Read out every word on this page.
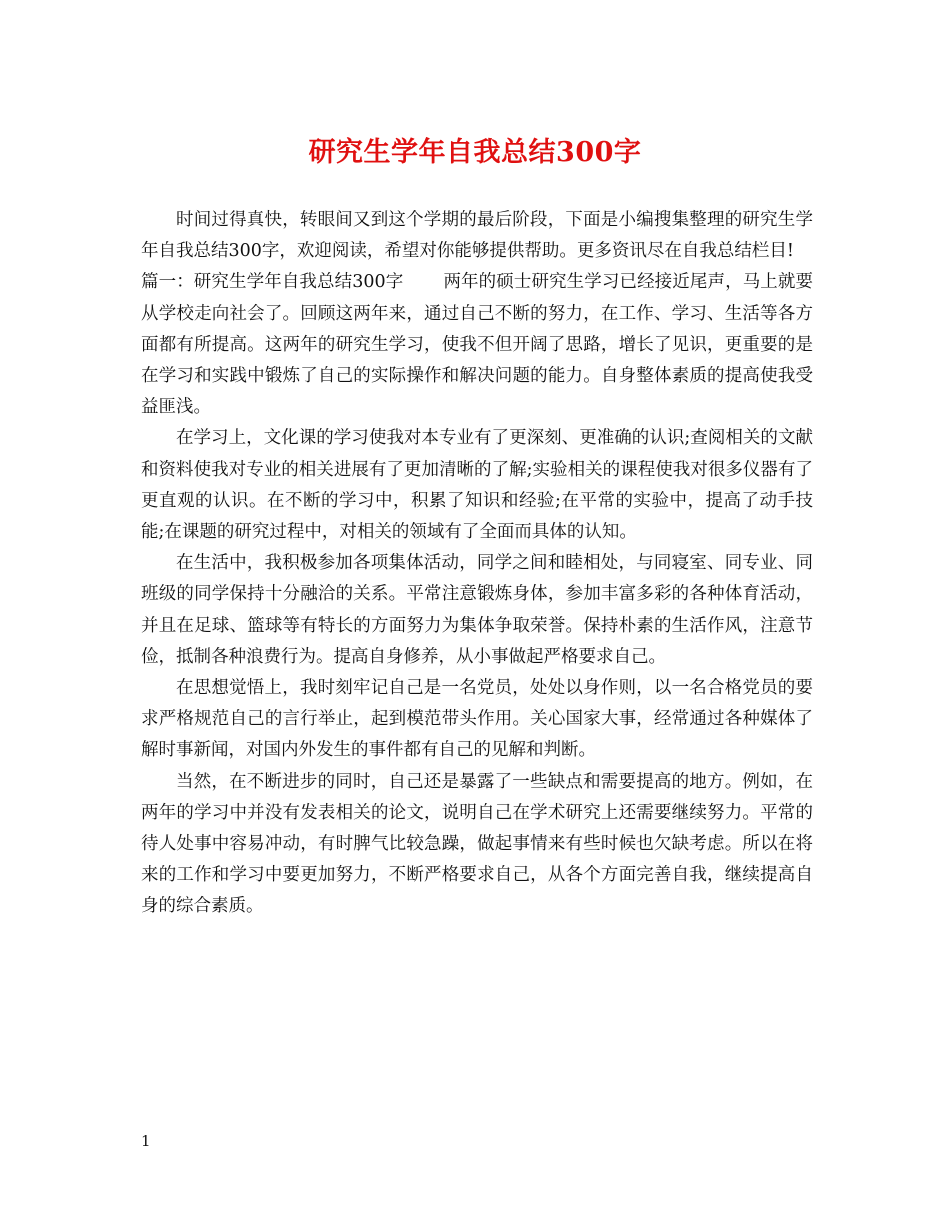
研究生学年自我总结300字

时间过得真快，转眼间又到这个学期的最后阶段，下面是小编搜集整理的研究生学年自我总结300字，欢迎阅读，希望对你能够提供帮助。更多资讯尽在自我总结栏目!

篇一：研究生学年自我总结300字 两年的硕士研究生学习已经接近尾声，马上就要从学校走向社会了。回顾这两年来，通过自己不断的努力，在工作、学习、生活等各方面都有所提高。这两年的研究生学习，使我不但开阔了思路，增长了见识，更重要的是在学习和实践中锻炼了自己的实际操作和解决问题的能力。自身整体素质的提高使我受益匪浅。

在学习上，文化课的学习使我对本专业有了更深刻、更准确的认识;查阅相关的文献和资料使我对专业的相关进展有了更加清晰的了解;实验相关的课程使我对很多仪器有了更直观的认识。在不断的学习中，积累了知识和经验;在平常的实验中，提高了动手技能;在课题的研究过程中，对相关的领域有了全面而具体的认知。

在生活中，我积极参加各项集体活动，同学之间和睦相处，与同寝室、同专业、同班级的同学保持十分融洽的关系。平常注意锻炼身体，参加丰富多彩的各种体育活动，并且在足球、篮球等有特长的方面努力为集体争取荣誉。保持朴素的生活作风，注意节俭，抵制各种浪费行为。提高自身修养，从小事做起严格要求自己。

在思想觉悟上，我时刻牢记自己是一名党员，处处以身作则，以一名合格党员的要求严格规范自己的言行举止，起到模范带头作用。关心国家大事，经常通过各种媒体了解时事新闻，对国内外发生的事件都有自己的见解和判断。

当然，在不断进步的同时，自己还是暴露了一些缺点和需要提高的地方。例如，在两年的学习中并没有发表相关的论文，说明自己在学术研究上还需要继续努力。平常的待人处事中容易冲动，有时脾气比较急躁，做起事情来有些时候也欠缺考虑。所以在将来的工作和学习中要更加努力，不断严格要求自己，从各个方面完善自我，继续提高自身的综合素质。

1
